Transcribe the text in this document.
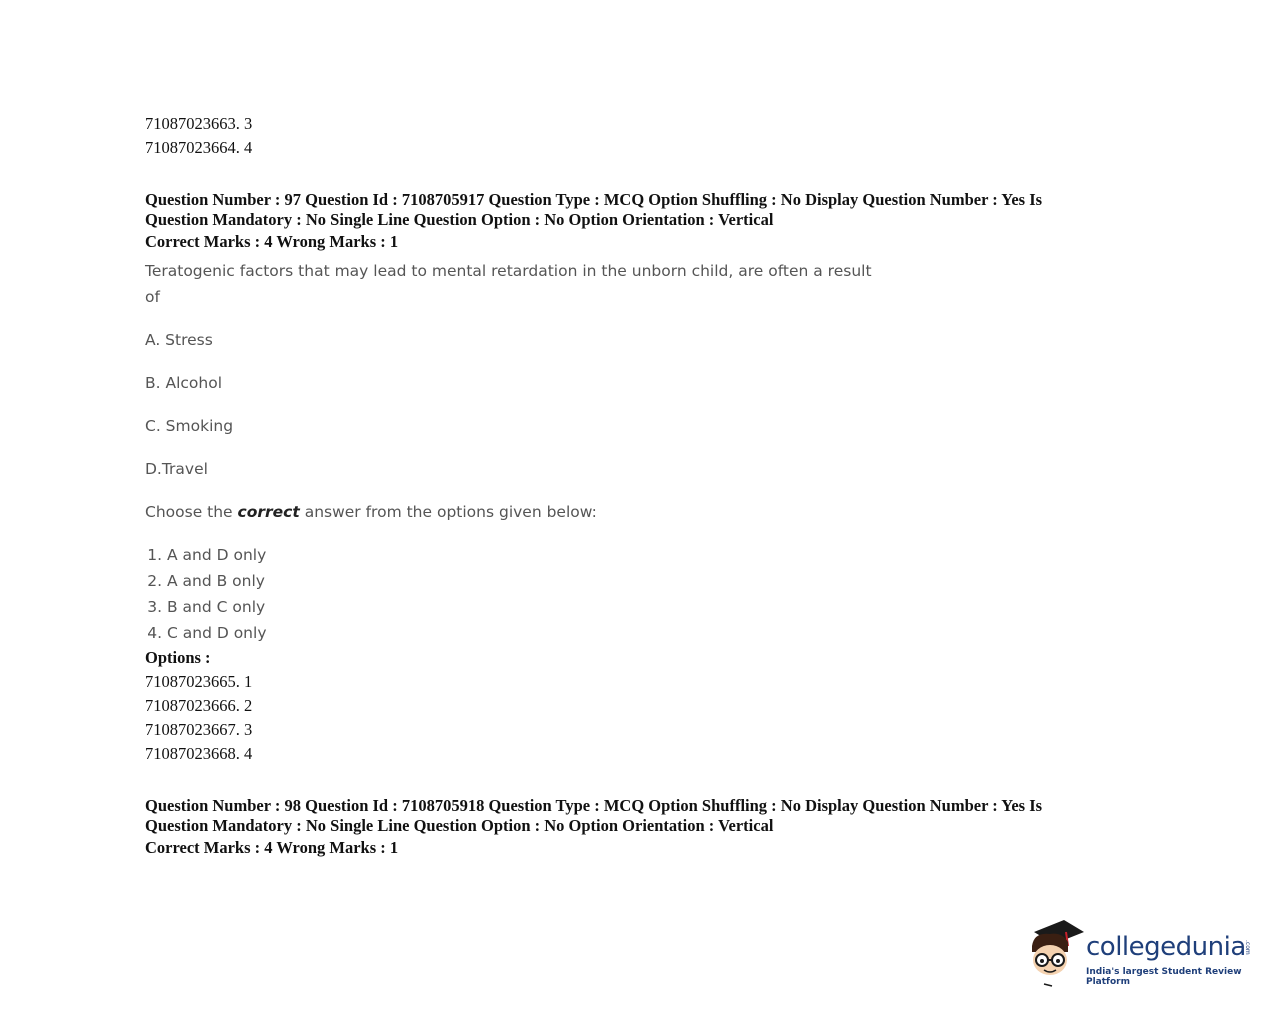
71087023663. 3
71087023664. 4
Question Number : 97 Question Id : 7108705917 Question Type : MCQ Option Shuffling : No Display Question Number : Yes Is
Question Mandatory : No Single Line Question Option : No Option Orientation : Vertical
Correct Marks : 4 Wrong Marks : 1
Teratogenic factors that may lead to mental retardation in the unborn child, are often a result
of
A. Stress
B. Alcohol
C. Smoking
D.Travel
Choose the correct answer from the options given below:
1. A and D only
2. A and B only
3. B and C only
4. C and D only
Options :
71087023665. 1
71087023666. 2
71087023667. 3
71087023668. 4
Question Number : 98 Question Id : 7108705918 Question Type : MCQ Option Shuffling : No Display Question Number : Yes Is
Question Mandatory : No Single Line Question Option : No Option Orientation : Vertical
Correct Marks : 4 Wrong Marks : 1
collegedunia
.com
India's largest Student Review Platform
